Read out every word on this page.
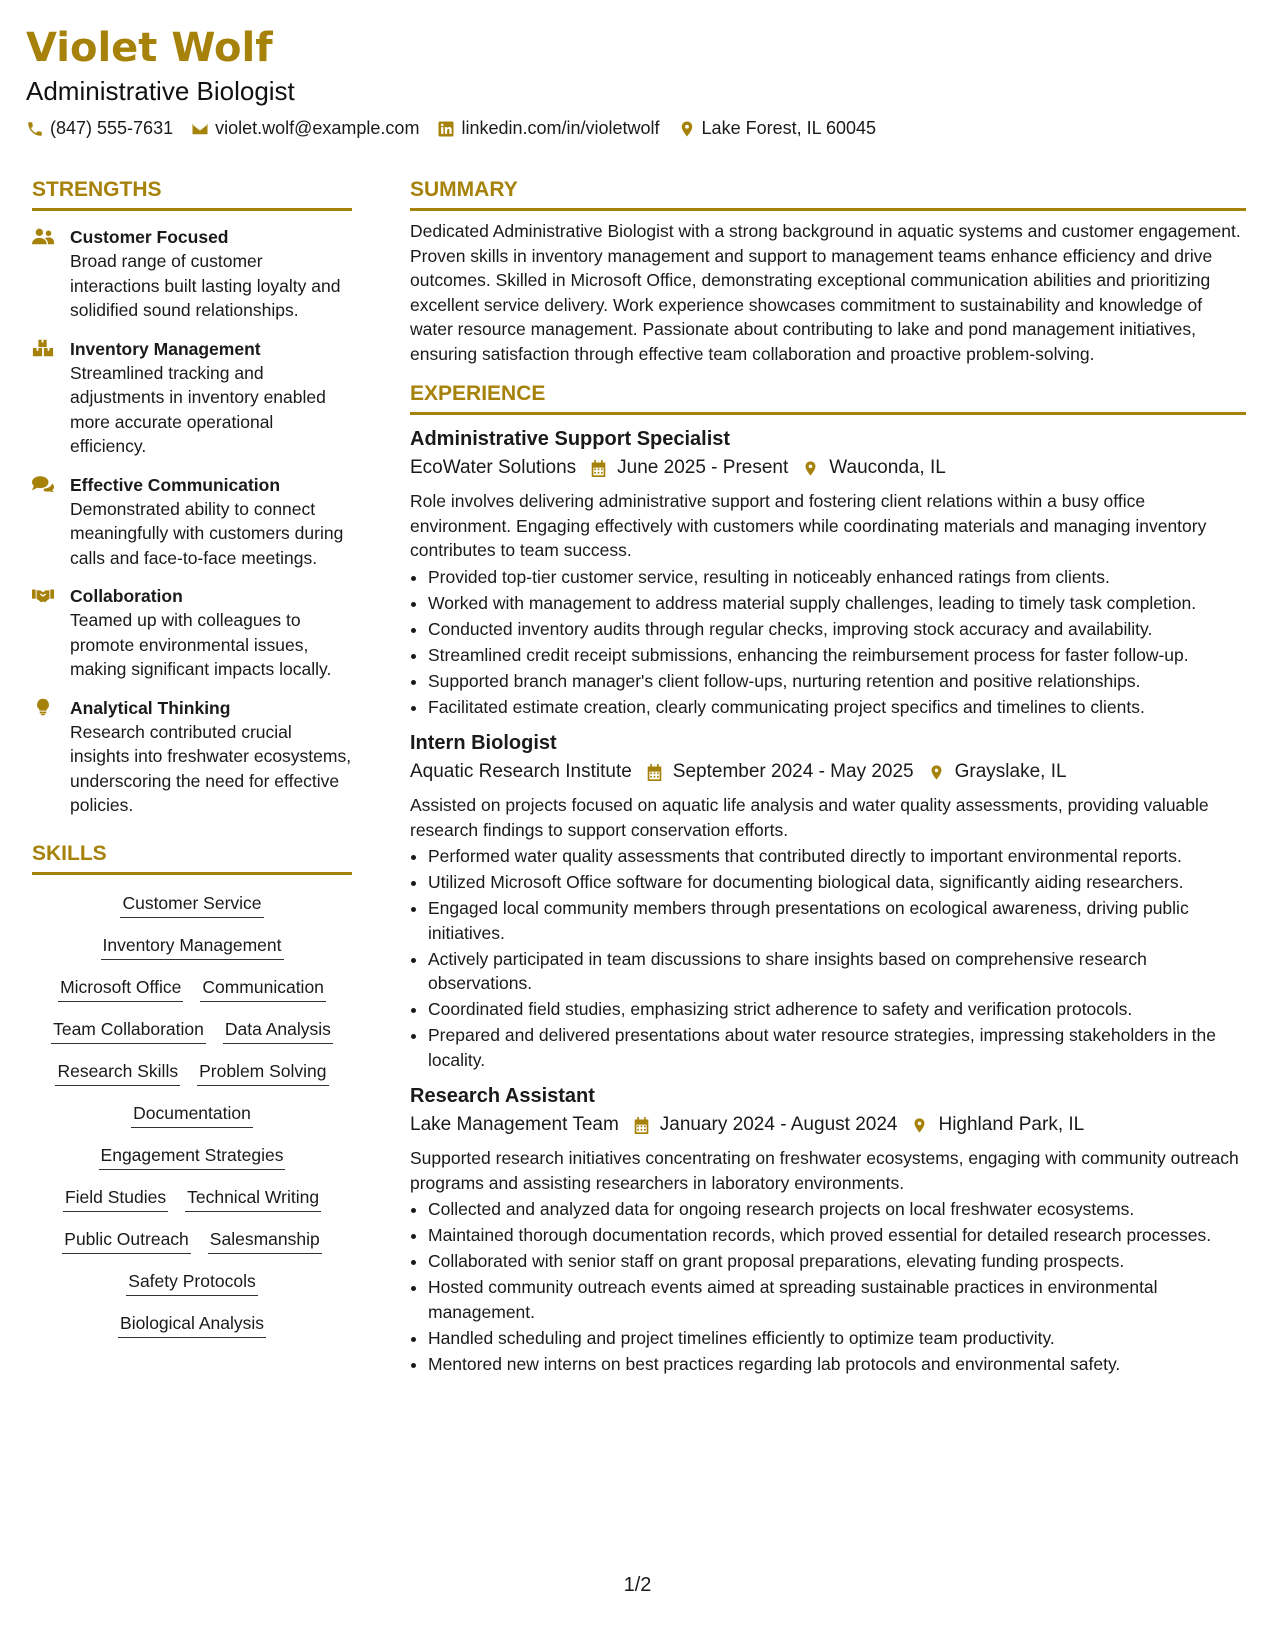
Violet Wolf

Administrative Biologist

(847) 555-7631 violet.wolf@example.com linkedin.com/in/violetwolf Lake Forest, IL 60045
STRENGTHS
Customer Focused
Broad range of customer interactions built lasting loyalty and solidified sound relationships.
Inventory Management
Streamlined tracking and adjustments in inventory enabled more accurate operational efficiency.
Effective Communication
Demonstrated ability to connect meaningfully with customers during calls and face-to-face meetings.
Collaboration
Teamed up with colleagues to promote environmental issues, making significant impacts locally.
Analytical Thinking
Research contributed crucial insights into freshwater ecosystems, underscoring the need for effective policies.
SKILLS
Customer Service
Inventory Management
Microsoft Office Communication
Team Collaboration Data Analysis
Research Skills Problem Solving
Documentation
Engagement Strategies
Field Studies Technical Writing
Public Outreach Salesmanship
Safety Protocols
Biological Analysis
SUMMARY

Dedicated Administrative Biologist with a strong background in aquatic systems and customer engagement. Proven skills in inventory management and support to management teams enhance efficiency and drive outcomes. Skilled in Microsoft Office, demonstrating exceptional communication abilities and prioritizing excellent service delivery. Work experience showcases commitment to sustainability and knowledge of water resource management. Passionate about contributing to lake and pond management initiatives, ensuring satisfaction through effective team collaboration and proactive problem-solving.

EXPERIENCE

Administrative Support Specialist

EcoWater Solutions June 2025 - Present Wauconda, IL

Role involves delivering administrative support and fostering client relations within a busy office environment. Engaging effectively with customers while coordinating materials and managing inventory contributes to team success.

• Provided top-tier customer service, resulting in noticeably enhanced ratings from clients.
• Worked with management to address material supply challenges, leading to timely task completion.
• Conducted inventory audits through regular checks, improving stock accuracy and availability.
• Streamlined credit receipt submissions, enhancing the reimbursement process for faster follow-up.
• Supported branch manager's client follow-ups, nurturing retention and positive relationships.
• Facilitated estimate creation, clearly communicating project specifics and timelines to clients.

Intern Biologist

Aquatic Research Institute September 2024 - May 2025 Grayslake, IL

Assisted on projects focused on aquatic life analysis and water quality assessments, providing valuable research findings to support conservation efforts.

• Performed water quality assessments that contributed directly to important environmental reports.
• Utilized Microsoft Office software for documenting biological data, significantly aiding researchers.
• Engaged local community members through presentations on ecological awareness, driving public initiatives.
• Actively participated in team discussions to share insights based on comprehensive research observations.
• Coordinated field studies, emphasizing strict adherence to safety and verification protocols.
• Prepared and delivered presentations about water resource strategies, impressing stakeholders in the locality.

Research Assistant

Lake Management Team January 2024 - August 2024 Highland Park, IL

Supported research initiatives concentrating on freshwater ecosystems, engaging with community outreach programs and assisting researchers in laboratory environments.

• Collected and analyzed data for ongoing research projects on local freshwater ecosystems.
• Maintained thorough documentation records, which proved essential for detailed research processes.
• Collaborated with senior staff on grant proposal preparations, elevating funding prospects.
• Hosted community outreach events aimed at spreading sustainable practices in environmental management.
• Handled scheduling and project timelines efficiently to optimize team productivity.
• Mentored new interns on best practices regarding lab protocols and environmental safety.
1/2
